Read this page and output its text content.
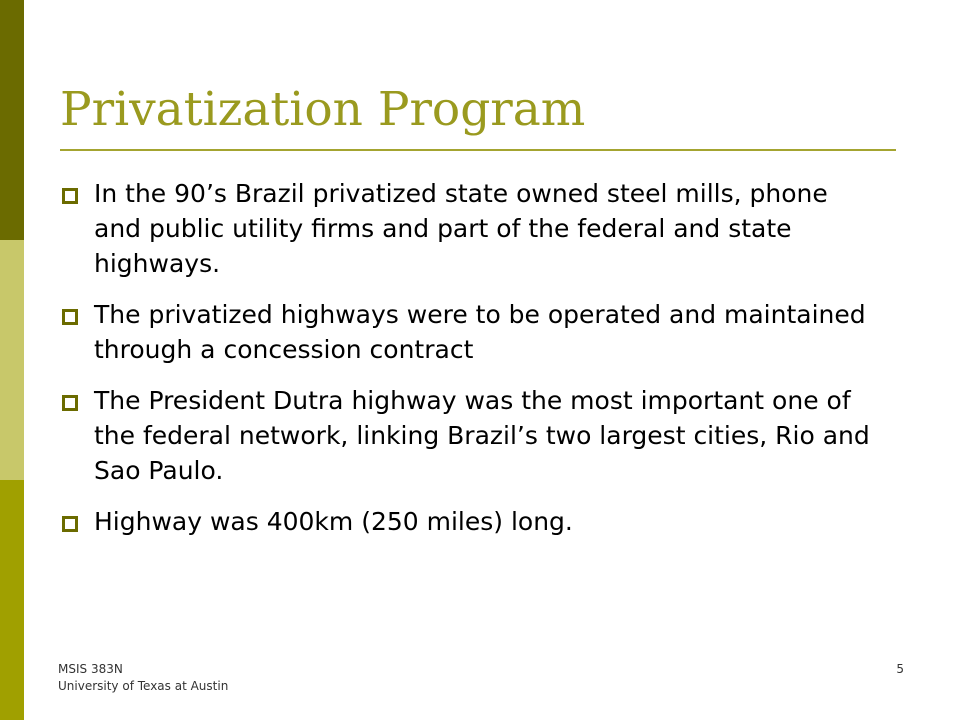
Privatization Program
In the 90’s Brazil privatized state owned steel mills, phone and public utility firms and part of the federal and state highways.
The privatized highways were to be operated and maintained through a concession contract
The President Dutra highway was the most important one of the federal network, linking Brazil’s two largest cities, Rio and Sao Paulo.
Highway was 400km (250 miles) long.
MSIS 383N
University of Texas at Austin
5
